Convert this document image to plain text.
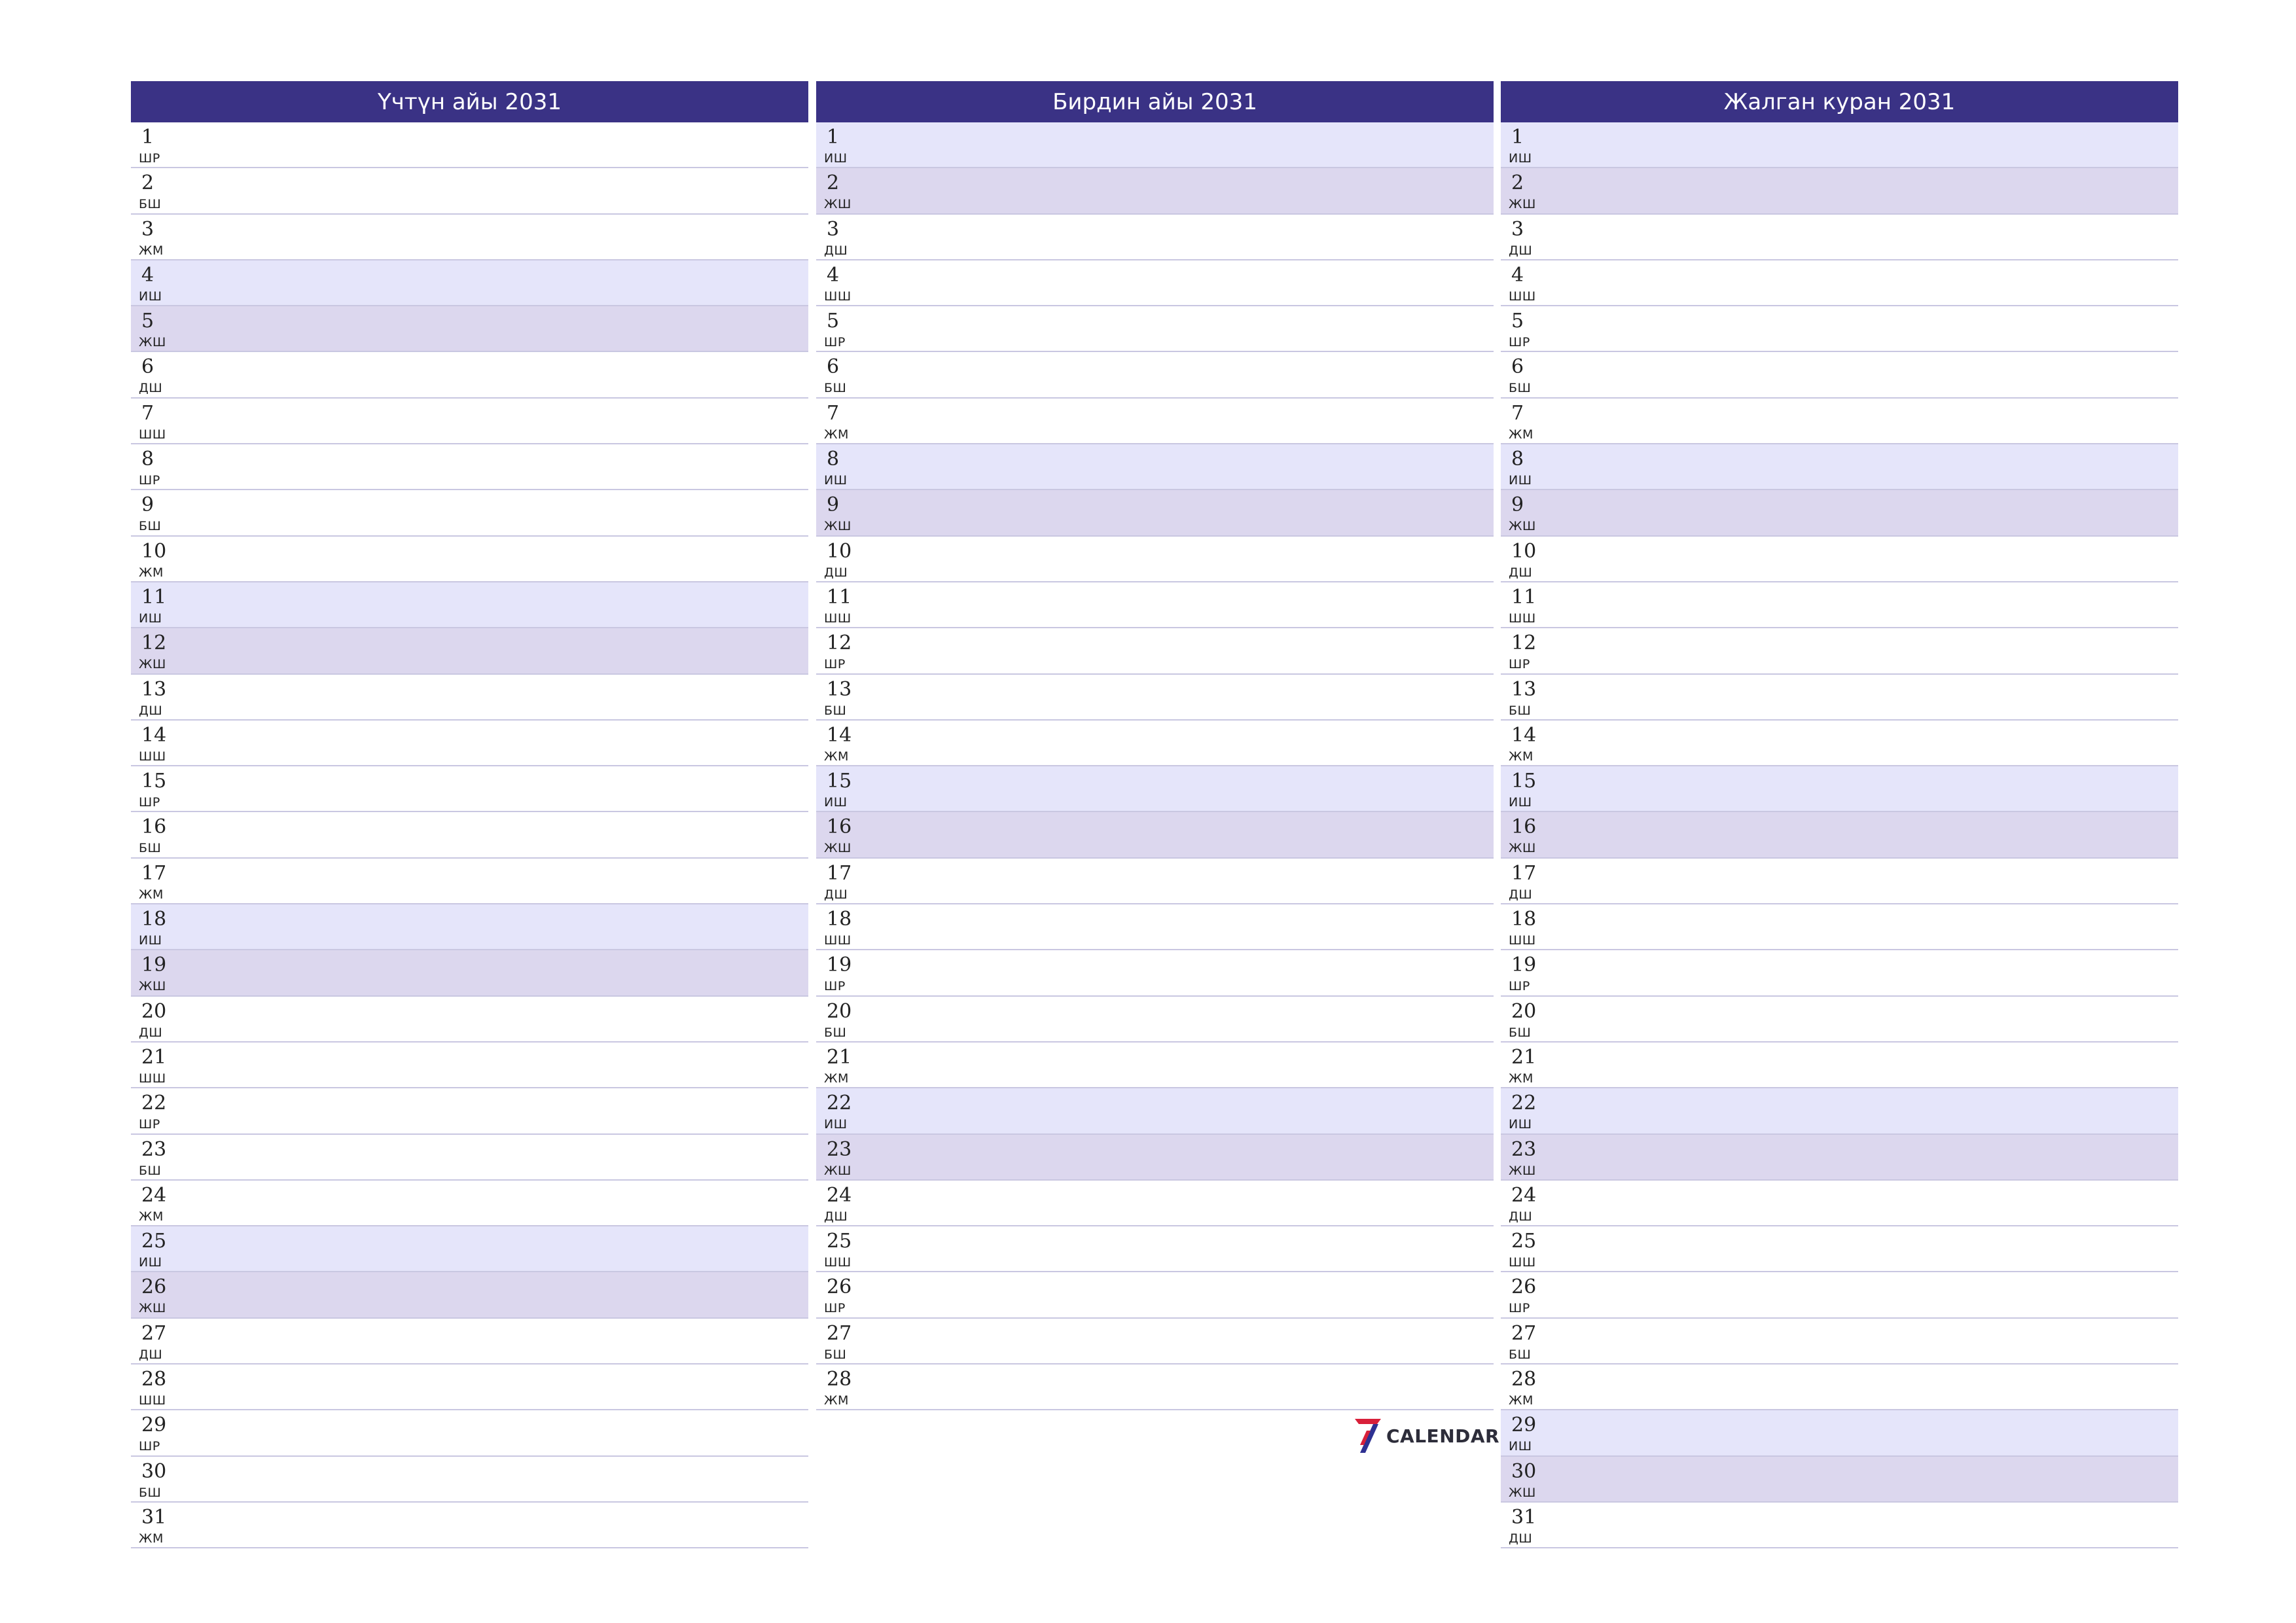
Үчтүн айы 2031
1
ШР
2
БШ
3
ЖМ
4
ИШ
5
ЖШ
6
ДШ
7
ШШ
8
ШР
9
БШ
10
ЖМ
11
ИШ
12
ЖШ
13
ДШ
14
ШШ
15
ШР
16
БШ
17
ЖМ
18
ИШ
19
ЖШ
20
ДШ
21
ШШ
22
ШР
23
БШ
24
ЖМ
25
ИШ
26
ЖШ
27
ДШ
28
ШШ
29
ШР
30
БШ
31
ЖМ
Бирдин айы 2031
1
ИШ
2
ЖШ
3
ДШ
4
ШШ
5
ШР
6
БШ
7
ЖМ
8
ИШ
9
ЖШ
10
ДШ
11
ШШ
12
ШР
13
БШ
14
ЖМ
15
ИШ
16
ЖШ
17
ДШ
18
ШШ
19
ШР
20
БШ
21
ЖМ
22
ИШ
23
ЖШ
24
ДШ
25
ШШ
26
ШР
27
БШ
28
ЖМ
Жалган куран 2031
1
ИШ
2
ЖШ
3
ДШ
4
ШШ
5
ШР
6
БШ
7
ЖМ
8
ИШ
9
ЖШ
10
ДШ
11
ШШ
12
ШР
13
БШ
14
ЖМ
15
ИШ
16
ЖШ
17
ДШ
18
ШШ
19
ШР
20
БШ
21
ЖМ
22
ИШ
23
ЖШ
24
ДШ
25
ШШ
26
ШР
27
БШ
28
ЖМ
29
ИШ
30
ЖШ
31
ДШ
CALENDAR
